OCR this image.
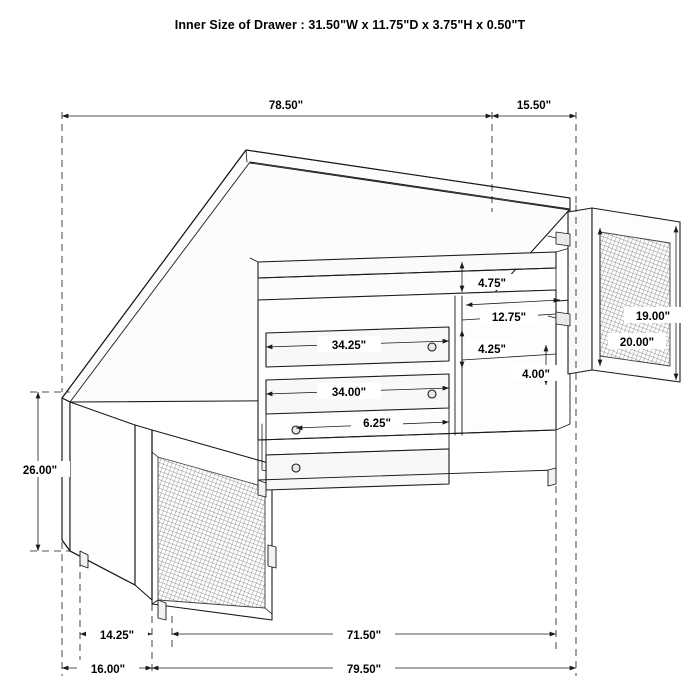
Inner Size of Drawer : 31.50"W x 11.75"D x 3.75"H x 0.50"T
78.50"	15.50"
4.75"
12.75"
34.25"	4.25"
34.00"
4.00"
6.25"
19.00"
20.00"
26.00"
14.25"	71.50"
16.00"	79.50"
